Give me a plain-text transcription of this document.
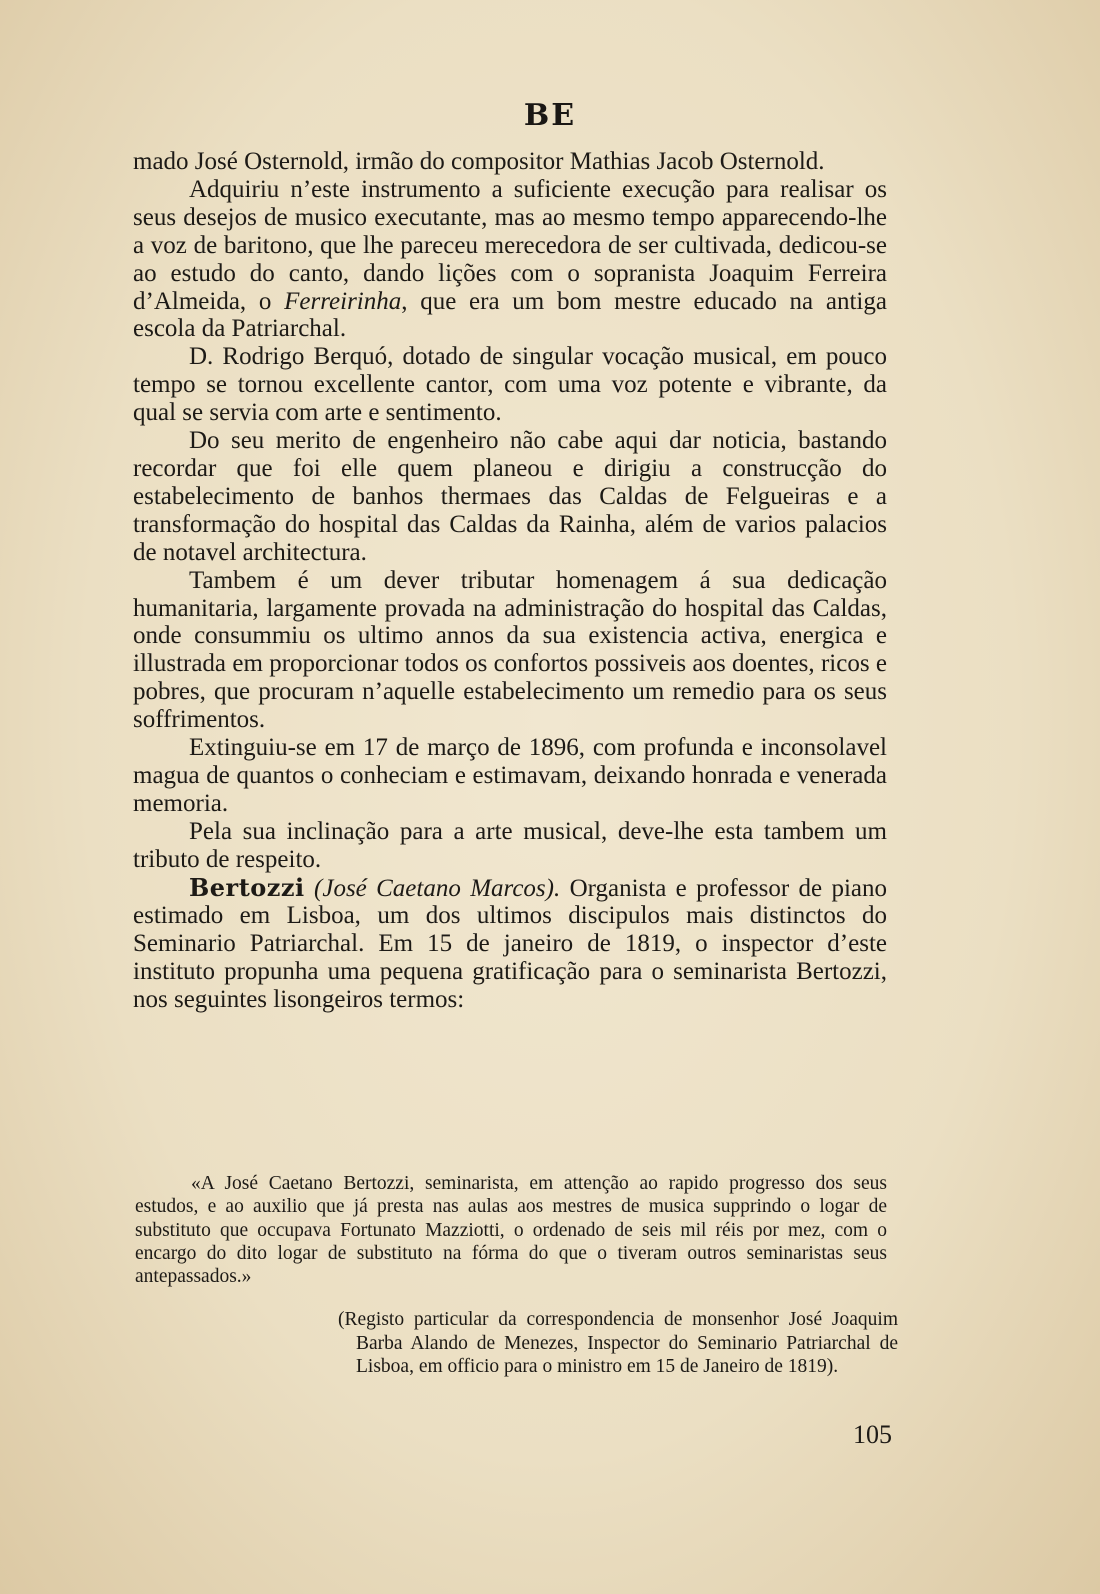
BE

mado José Osternold, irmão do compositor Mathias Jacob Osternold.

Adquiriu n’este instrumento a suficiente execução para realisar os seus desejos de musico executante, mas ao mesmo tempo apparecendo-lhe a voz de baritono, que lhe pareceu merecedora de ser cultivada, dedicou-se ao estudo do canto, dando lições com o sopranista Joaquim Ferreira d’Almeida, o Ferreirinha, que era um bom mestre educado na antiga escola da Patriarchal.

D. Rodrigo Berquó, dotado de singular vocação musical, em pouco tempo se tornou excellente cantor, com uma voz potente e vibrante, da qual se servia com arte e sentimento.

Do seu merito de engenheiro não cabe aqui dar noticia, bastando recordar que foi elle quem planeou e dirigiu a construcção do estabelecimento de banhos thermaes das Caldas de Felgueiras e a transformação do hospital das Caldas da Rainha, além de varios palacios de notavel architectura.

Tambem é um dever tributar homenagem á sua dedicação humanitaria, largamente provada na administração do hospital das Caldas, onde consummiu os ultimo annos da sua existencia activa, energica e illustrada em proporcionar todos os confortos possiveis aos doentes, ricos e pobres, que procuram n’aquelle estabelecimento um remedio para os seus soffrimentos.

Extinguiu-se em 17 de março de 1896, com profunda e inconsolavel magua de quantos o conheciam e estimavam, deixando honrada e venerada memoria.

Pela sua inclinação para a arte musical, deve-lhe esta tambem um tributo de respeito.

Bertozzi (José Caetano Marcos). Organista e professor de piano estimado em Lisboa, um dos ultimos discipulos mais distinctos do Seminario Patriarchal. Em 15 de janeiro de 1819, o inspector d’este instituto propunha uma pequena gratificação para o seminarista Bertozzi, nos seguintes lisongeiros termos:

«A José Caetano Bertozzi, seminarista, em attenção ao rapido progresso dos seus estudos, e ao auxilio que já presta nas aulas aos mestres de musica supprindo o logar de substituto que occupava Fortunato Mazziotti, o ordenado de seis mil réis por mez, com o encargo do dito logar de substituto na fórma do que o tiveram outros seminaristas seus antepassados.»

(Registo particular da correspondencia de monsenhor José Joaquim Barba Alando de Menezes, Inspector do Seminario Patriarchal de Lisboa, em officio para o ministro em 15 de Janeiro de 1819).
105
